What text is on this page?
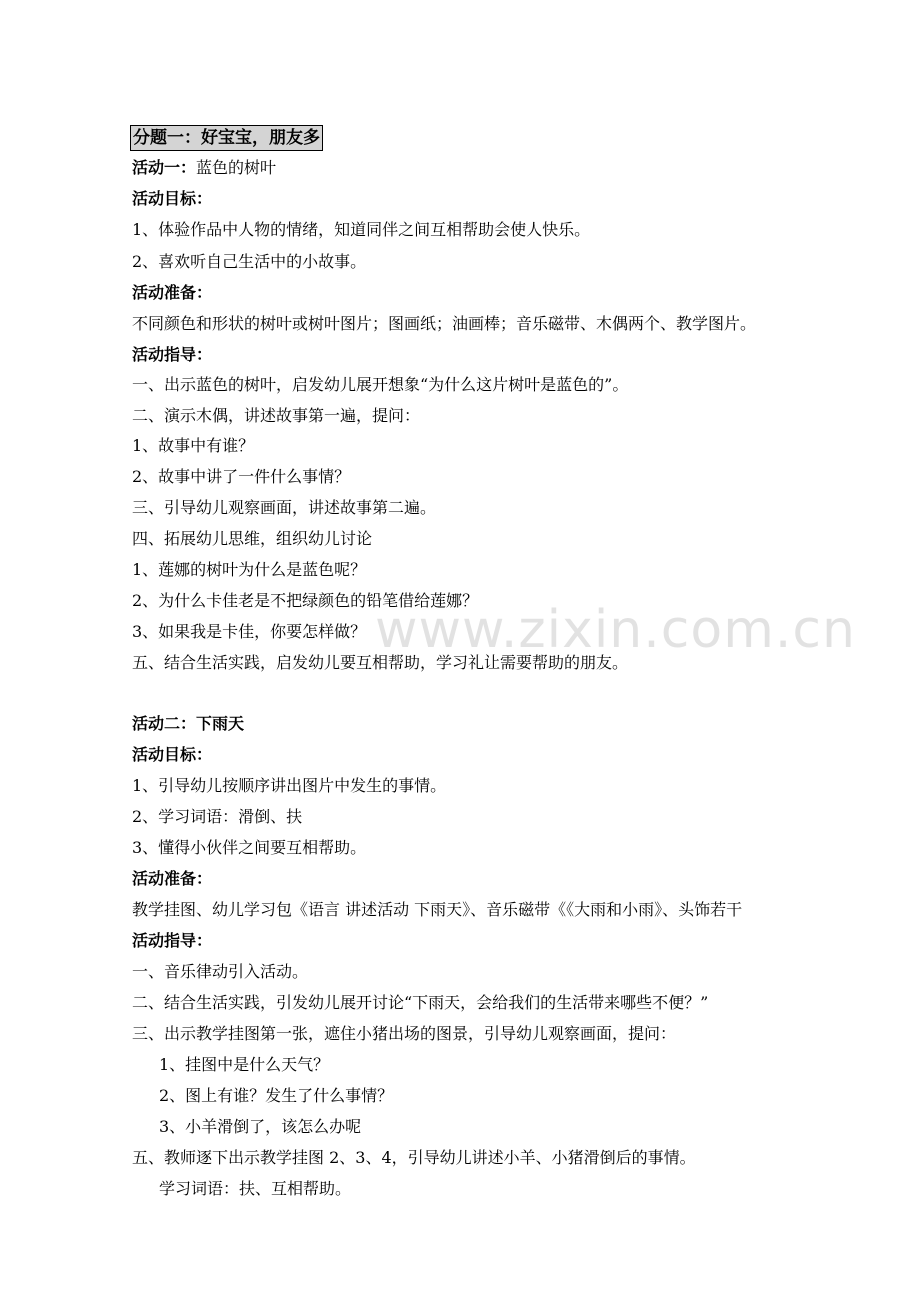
分题一：好宝宝，朋友多
活动一：蓝色的树叶
活动目标：
1、体验作品中人物的情绪，知道同伴之间互相帮助会使人快乐。
2、喜欢听自己生活中的小故事。
活动准备：
不同颜色和形状的树叶或树叶图片；图画纸；油画棒；音乐磁带、木偶两个、教学图片。
活动指导：
一、出示蓝色的树叶，启发幼儿展开想象“为什么这片树叶是蓝色的”。
二、演示木偶，讲述故事第一遍，提问：
1、故事中有谁？
2、故事中讲了一件什么事情？
三、引导幼儿观察画面，讲述故事第二遍。
四、拓展幼儿思维，组织幼儿讨论
1、莲娜的树叶为什么是蓝色呢？
2、为什么卡佳老是不把绿颜色的铅笔借给莲娜？
3、如果我是卡佳，你要怎样做？
五、结合生活实践，启发幼儿要互相帮助，学习礼让需要帮助的朋友。
活动二：下雨天
活动目标：
1、引导幼儿按顺序讲出图片中发生的事情。
2、学习词语：滑倒、扶
3、懂得小伙伴之间要互相帮助。
活动准备：
教学挂图、幼儿学习包《语言 讲述活动 下雨天》、音乐磁带《《大雨和小雨》、头饰若干
活动指导：
一、音乐律动引入活动。
二、结合生活实践，引发幼儿展开讨论“下雨天，会给我们的生活带来哪些不便？”
三、出示教学挂图第一张，遮住小猪出场的图景，引导幼儿观察画面，提问：
1、挂图中是什么天气？
2、图上有谁？发生了什么事情？
3、小羊滑倒了，该怎么办呢
五、教师逐下出示教学挂图 2、3、4，引导幼儿讲述小羊、小猪滑倒后的事情。
学习词语：扶、互相帮助。
www.zixin.com.cn
